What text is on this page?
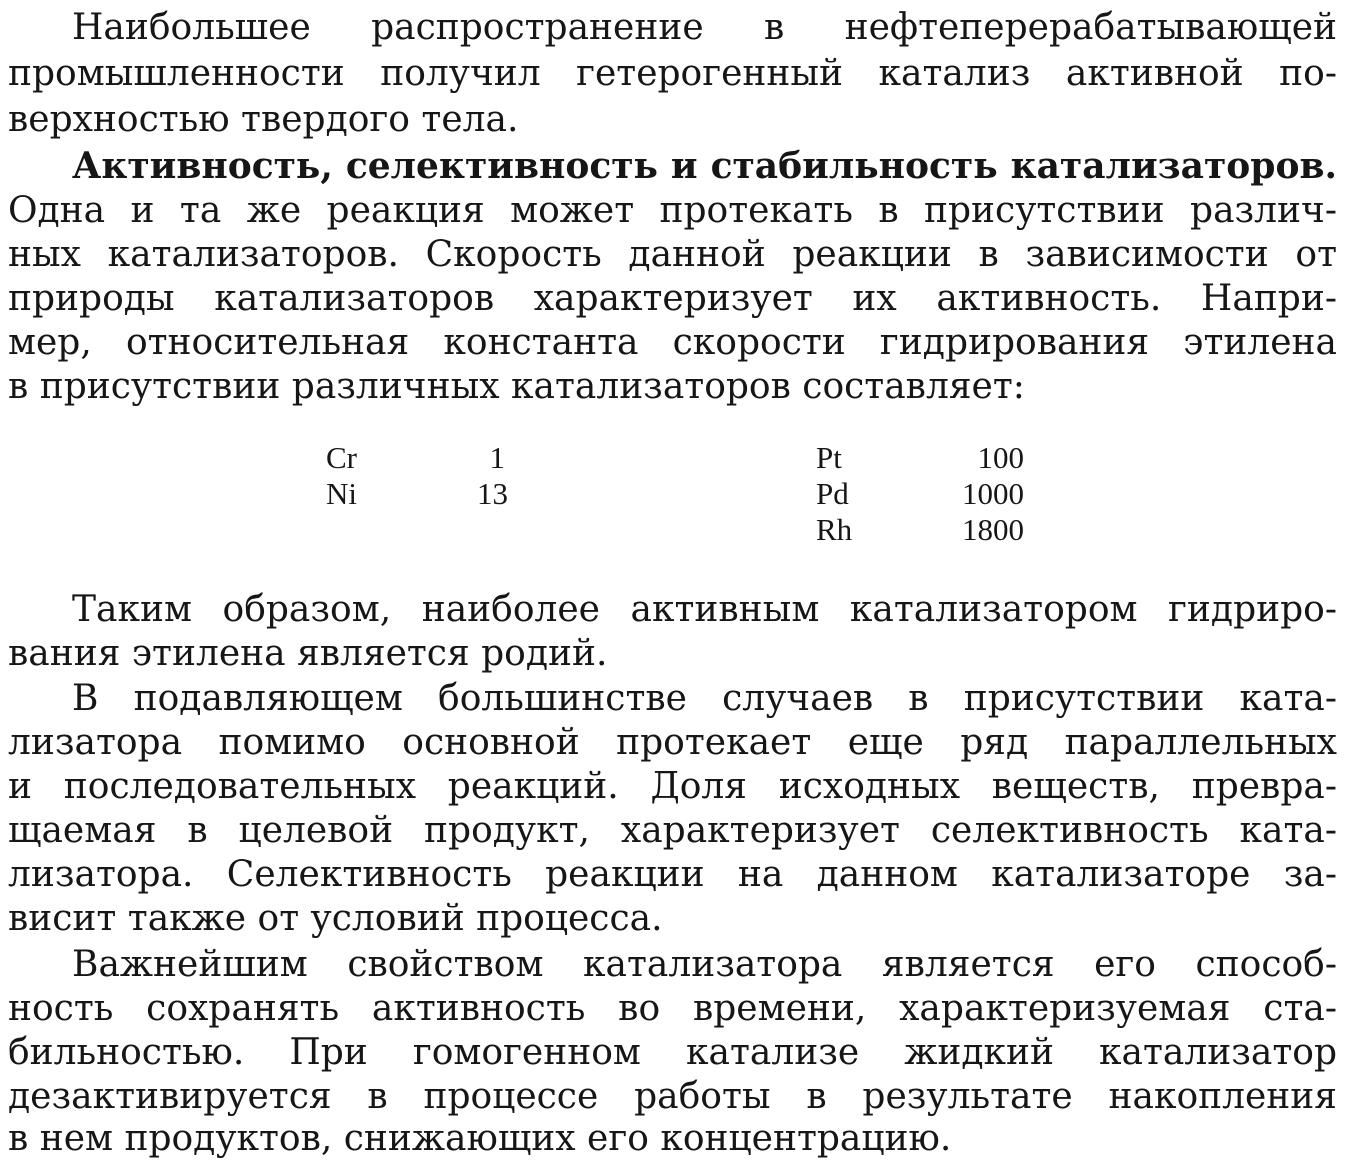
Наибольшее распространение в нефтеперерабатывающей
промышленности получил гетерогенный катализ активной по-
верхностью твердого тела.
Активность, селективность и стабильность катализаторов.
Одна и та же реакция может протекать в присутствии различ-
ных катализаторов. Скорость данной реакции в зависимости от
природы катализаторов характеризует их активность. Напри-
мер, относительная константа скорости гидрирования этилена
в присутствии различных катализаторов составляет:
Cr	1
Ni	13
Pt	100
Pd	1000
Rh	1800
Таким образом, наиболее активным катализатором гидриро-
вания этилена является родий.
В подавляющем большинстве случаев в присутствии ката-
лизатора помимо основной протекает еще ряд параллельных
и последовательных реакций. Доля исходных веществ, превра-
щаемая в целевой продукт, характеризует селективность ката-
лизатора. Селективность реакции на данном катализаторе за-
висит также от условий процесса.
Важнейшим свойством катализатора является его способ-
ность сохранять активность во времени, характеризуемая ста-
бильностью. При гомогенном катализе жидкий катализатор
дезактивируется в процессе работы в результате накопления
в нем продуктов, снижающих его концентрацию.
